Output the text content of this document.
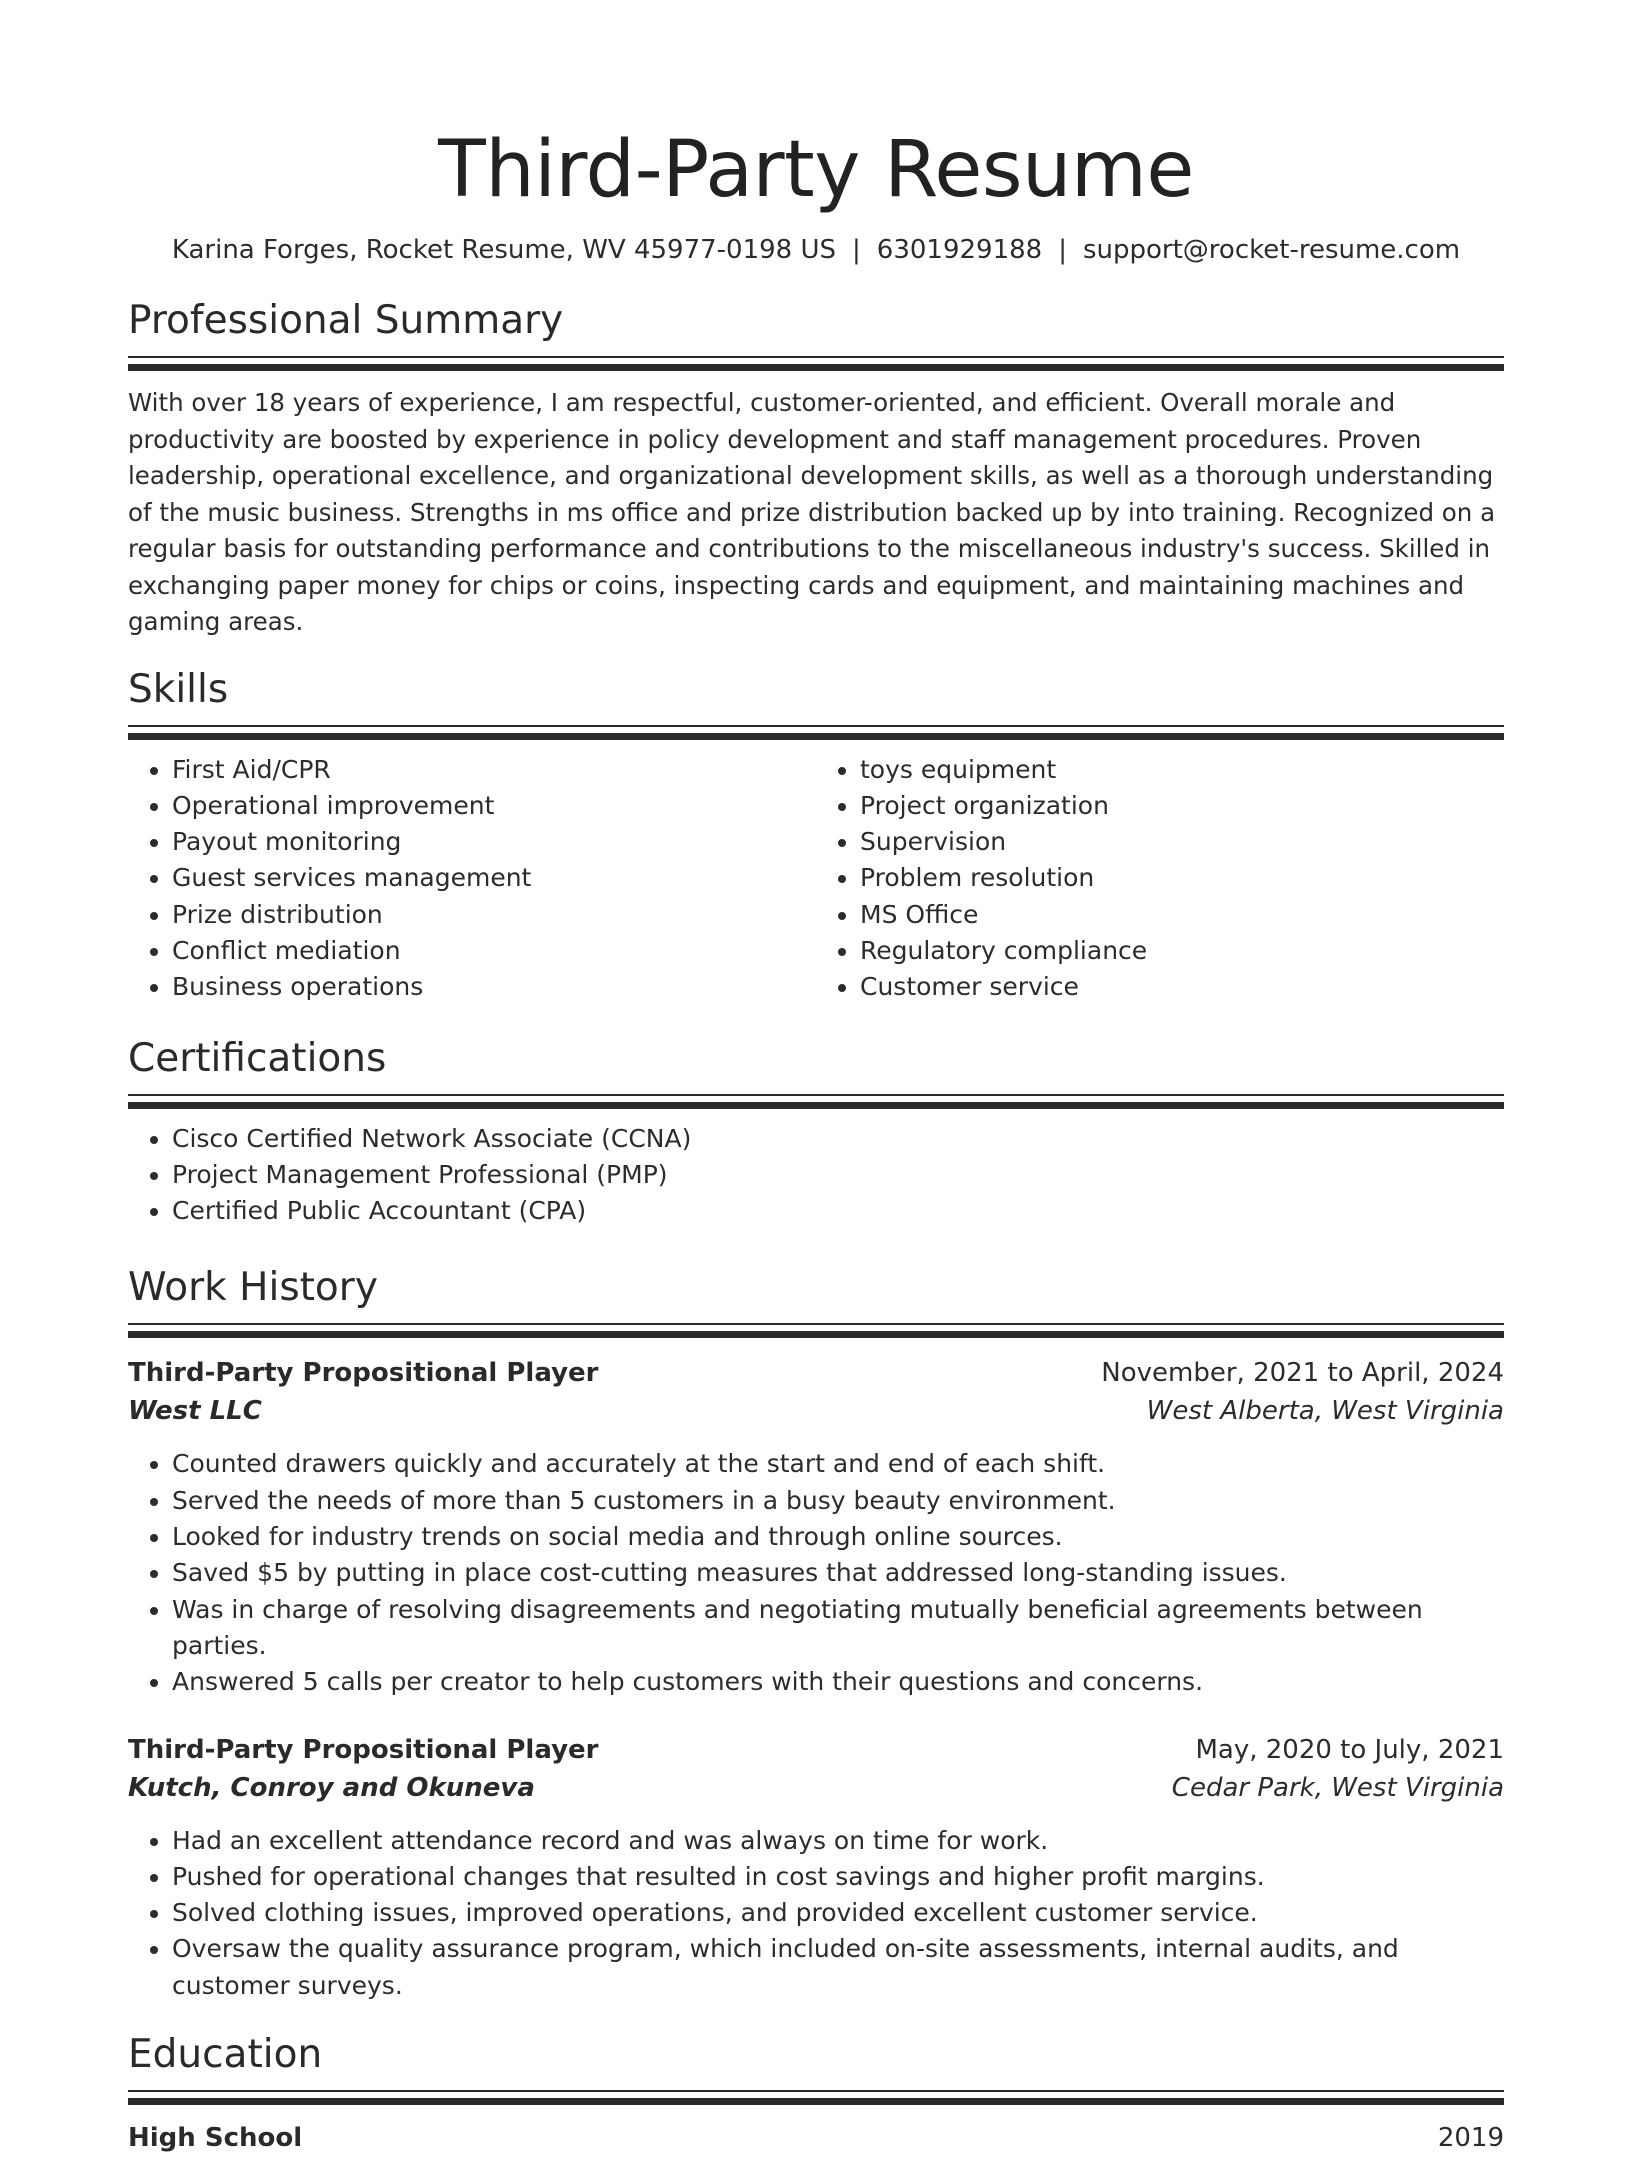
Third-Party Resume
Karina Forges, Rocket Resume, WV 45977-0198 US | 6301929188 | support@rocket-resume.com
Professional Summary

With over 18 years of experience, I am respectful, customer-oriented, and efficient. Overall morale and productivity are boosted by experience in policy development and staff management procedures. Proven leadership, operational excellence, and organizational development skills, as well as a thorough understanding of the music business. Strengths in ms office and prize distribution backed up by into training. Recognized on a regular basis for outstanding performance and contributions to the miscellaneous industry's success. Skilled in exchanging paper money for chips or coins, inspecting cards and equipment, and maintaining machines and gaming areas.

Skills
• First Aid/CPR
• Operational improvement
• Payout monitoring
• Guest services management
• Prize distribution
• Conflict mediation
• Business operations
• toys equipment
• Project organization
• Supervision
• Problem resolution
• MS Office
• Regulatory compliance
• Customer service
Certifications
• Cisco Certified Network Associate (CCNA)
• Project Management Professional (PMP)
• Certified Public Accountant (CPA)
Work History
Third-Party Propositional Player	November, 2021 to April, 2024
West LLC	West Alberta, West Virginia
• Counted drawers quickly and accurately at the start and end of each shift.
• Served the needs of more than 5 customers in a busy beauty environment.
• Looked for industry trends on social media and through online sources.
• Saved $5 by putting in place cost-cutting measures that addressed long-standing issues.
• Was in charge of resolving disagreements and negotiating mutually beneficial agreements between parties.
• Answered 5 calls per creator to help customers with their questions and concerns.
Third-Party Propositional Player	May, 2020 to July, 2021
Kutch, Conroy and Okuneva	Cedar Park, West Virginia
• Had an excellent attendance record and was always on time for work.
• Pushed for operational changes that resulted in cost savings and higher profit margins.
• Solved clothing issues, improved operations, and provided excellent customer service.
• Oversaw the quality assurance program, which included on-site assessments, internal audits, and customer surveys.
Education
High School	2019
